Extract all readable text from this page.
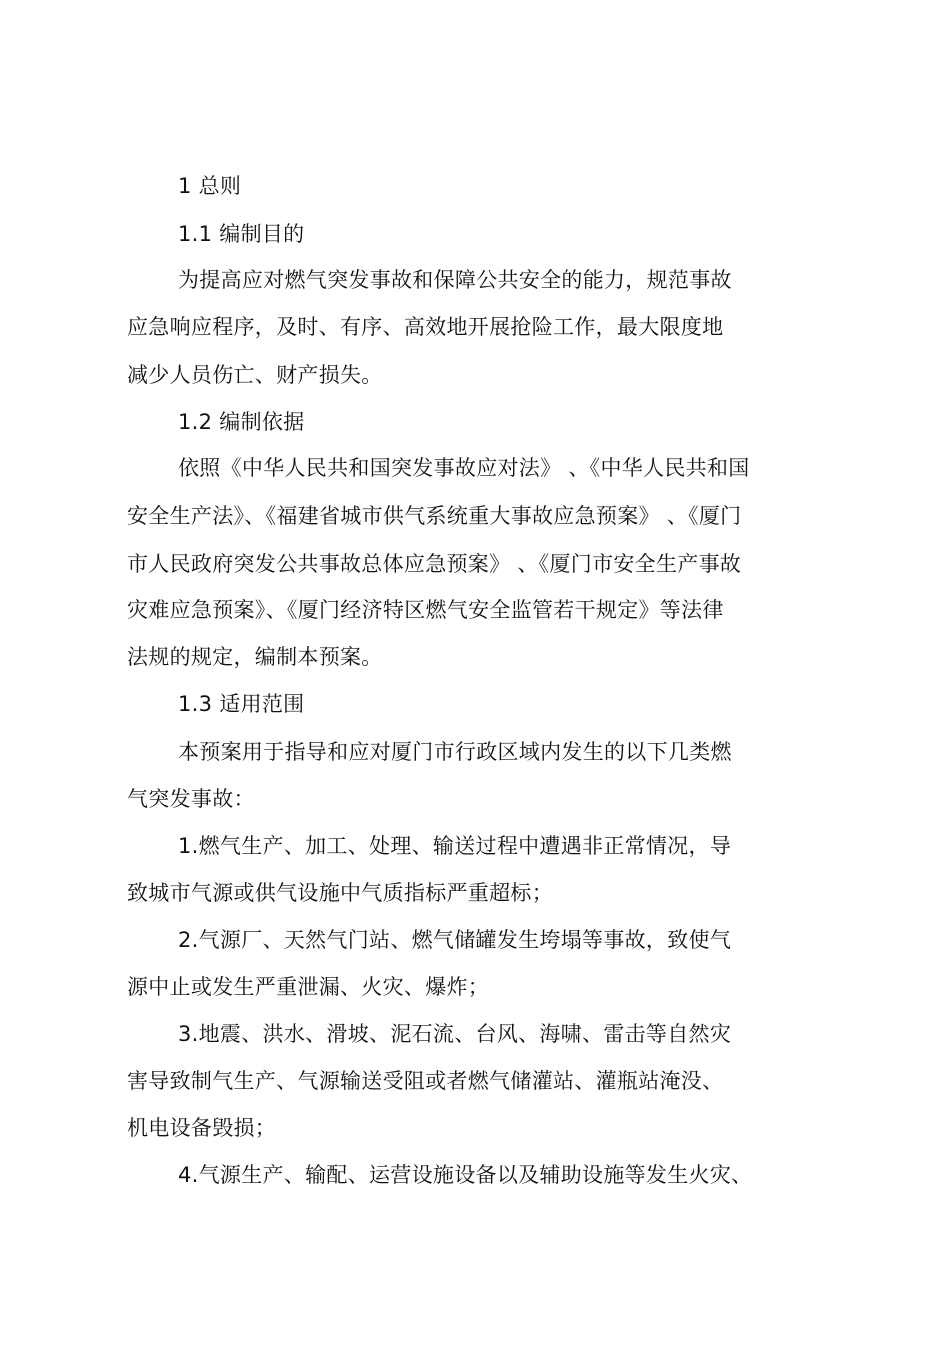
1 总则
1.1 编制目的
为提高应对燃气突发事故和保障公共安全的能力，规范事故
应急响应程序，及时、有序、高效地开展抢险工作，最大限度地
减少人员伤亡、财产损失。
1.2 编制依据
依照《中华人民共和国突发事故应对法》 、《中华人民共和国
安全生产法》、《福建省城市供气系统重大事故应急预案》 、《厦门
市人民政府突发公共事故总体应急预案》 、《厦门市安全生产事故
灾难应急预案》、《厦门经济特区燃气安全监管若干规定》等法律
法规的规定，编制本预案。
1.3 适用范围
本预案用于指导和应对厦门市行政区域内发生的以下几类燃
气突发事故：
1.燃气生产、加工、处理、输送过程中遭遇非正常情况，导
致城市气源或供气设施中气质指标严重超标；
2.气源厂、天然气门站、燃气储罐发生垮塌等事故，致使气
源中止或发生严重泄漏、火灾、爆炸；
3.地震、洪水、滑坡、泥石流、台风、海啸、雷击等自然灾
害导致制气生产、气源输送受阻或者燃气储灌站、灌瓶站淹没、
机电设备毁损；
4.气源生产、输配、运营设施设备以及辅助设施等发生火灾、
